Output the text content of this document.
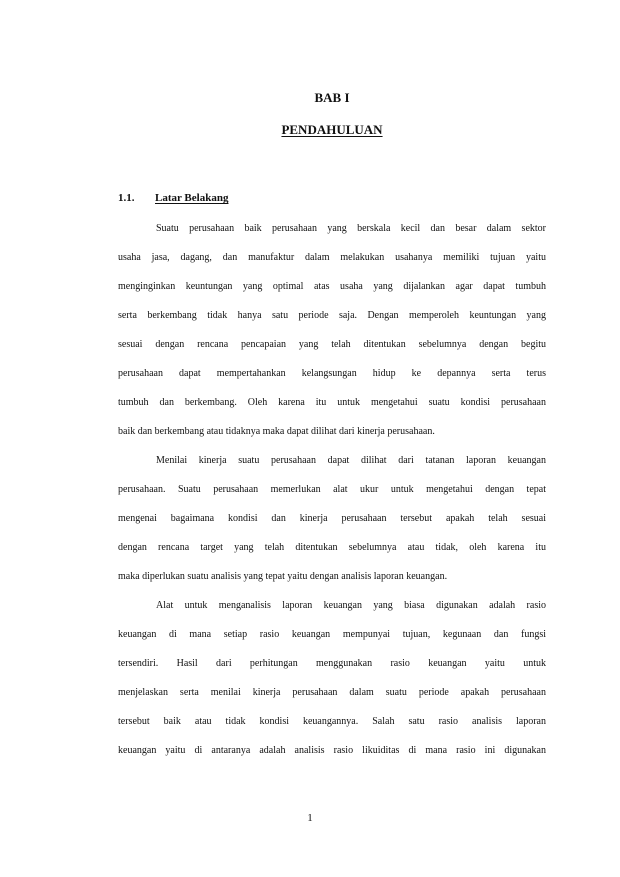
BAB I
PENDAHULUAN
1.1. Latar Belakang

Suatu perusahaan baik perusahaan yang berskala kecil dan besar dalam sektor
usaha jasa, dagang, dan manufaktur dalam melakukan usahanya memiliki tujuan yaitu
menginginkan keuntungan yang optimal atas usaha yang dijalankan agar dapat tumbuh
serta berkembang tidak hanya satu periode saja. Dengan memperoleh keuntungan yang
sesuai dengan rencana pencapaian yang telah ditentukan sebelumnya dengan begitu
perusahaan dapat mempertahankan kelangsungan hidup ke depannya serta terus
tumbuh dan berkembang. Oleh karena itu untuk mengetahui suatu kondisi perusahaan
baik dan berkembang atau tidaknya maka dapat dilihat dari kinerja perusahaan.

Menilai kinerja suatu perusahaan dapat dilihat dari tatanan laporan keuangan
perusahaan. Suatu perusahaan memerlukan alat ukur untuk mengetahui dengan tepat
mengenai bagaimana kondisi dan kinerja perusahaan tersebut apakah telah sesuai
dengan rencana target yang telah ditentukan sebelumnya atau tidak, oleh karena itu
maka diperlukan suatu analisis yang tepat yaitu dengan analisis laporan keuangan.

Alat untuk menganalisis laporan keuangan yang biasa digunakan adalah rasio
keuangan di mana setiap rasio keuangan mempunyai tujuan, kegunaan dan fungsi
tersendiri. Hasil dari perhitungan menggunakan rasio keuangan yaitu untuk
menjelaskan serta menilai kinerja perusahaan dalam suatu periode apakah perusahaan
tersebut baik atau tidak kondisi keuangannya. Salah satu rasio analisis laporan
keuangan yaitu di antaranya adalah analisis rasio likuiditas di mana rasio ini digunakan

1
